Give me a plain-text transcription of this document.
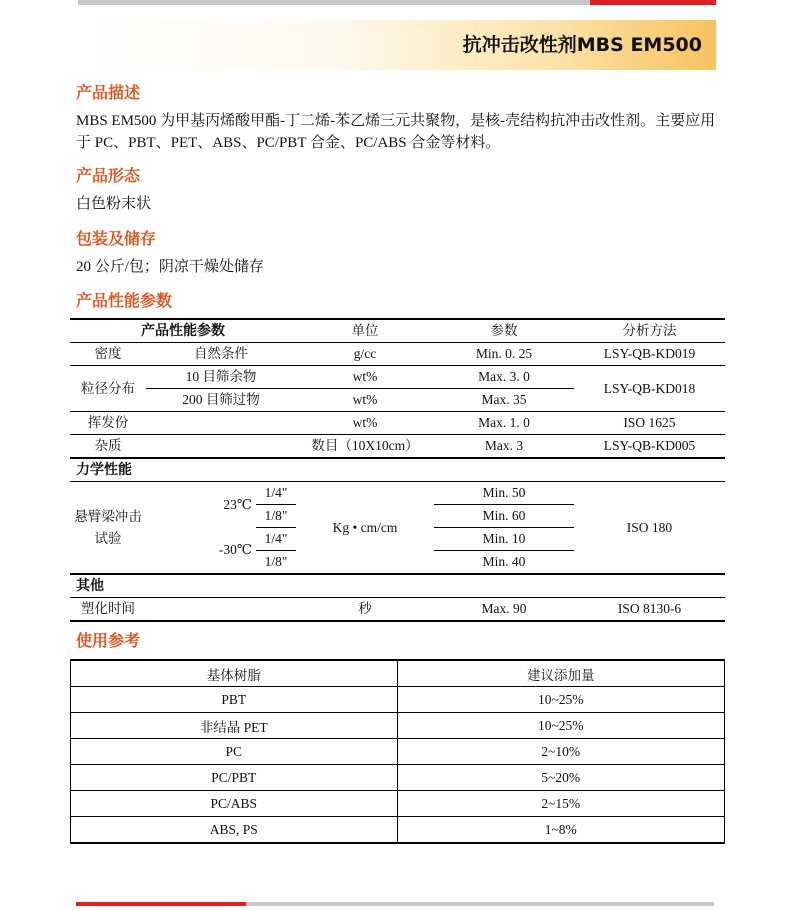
抗冲击改性剂MBS EM500
产品描述
MBS EM500 为甲基丙烯酸甲酯-丁二烯-苯乙烯三元共聚物，是核-壳结构抗冲击改性剂。主要应用于 PC、PBT、PET、ABS、PC/PBT 合金、PC/ABS 合金等材料。
产品形态
白色粉末状
包装及储存
20 公斤/包；阴凉干燥处储存
产品性能参数
产品性能参数			单位	参数	分析方法
密度	自然条件		g/cc	Min. 0. 25	LSY-QB-KD019
粒径分布	10 目筛余物		wt%	Max. 3. 0	LSY-QB-KD018
	200 目筛过物		wt%	Max. 35	
挥发份			wt%	Max. 1. 0	ISO 1625
杂质			数目（10X10cm）	Max. 3	LSY-QB-KD005
力学性能					
悬臂梁冲击试验	23℃	1/4"	Kg • cm/cm	Min. 50	ISO 180
		1/8"		Min. 60	
	-30℃	1/4"		Min. 10	
		1/8"		Min. 40	
其他					
塑化时间			秒	Max. 90	ISO 8130-6
使用参考
基体树脂	建议添加量
PBT	10~25%
非结晶 PET	10~25%
PC	2~10%
PC/PBT	5~20%
PC/ABS	2~15%
ABS, PS	1~8%
